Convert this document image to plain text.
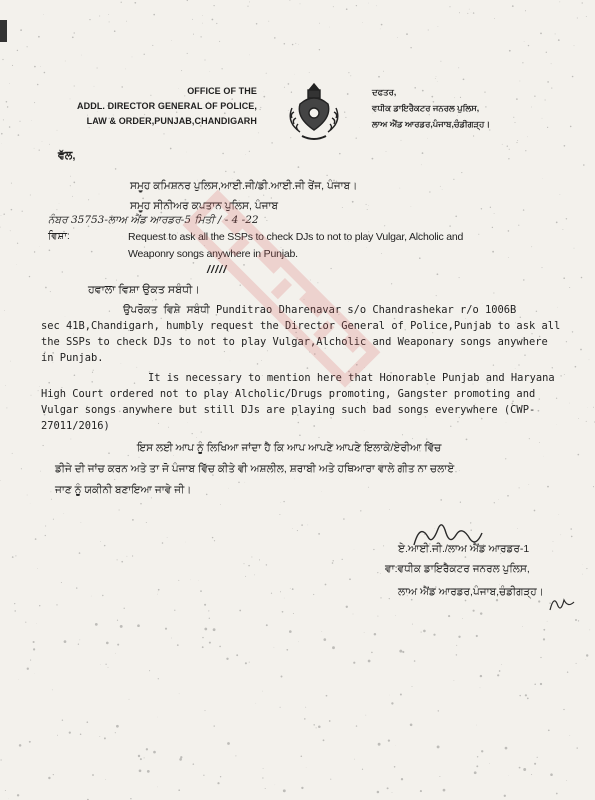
OFFICE OF THE
ADDL. DIRECTOR GENERAL OF POLICE,
LAW & ORDER,PUNJAB,CHANDIGARH
ਦਫਤਰ,
ਵਧੀਕ ਡਾਇਰੈਕਟਰ ਜਨਰਲ ਪੁਲਿਸ,
ਲਾਅ ਐਂਡ ਆਰਡਰ,ਪੰਜਾਬ,ਚੰਡੀਗੜ੍ਹ।
ਵੱਲ,
ਸਮੂਹ ਕਮਿਸ਼ਨਰ ਪੁਲਿਸ,ਆਈ.ਜੀ/ਡੀ.ਆਈ.ਜੀ ਰੇਂਜ, ਪੰਜਾਬ।
ਸਮੂਹ ਸੀਨੀਅਰ ਕਪਤਾਨ ਪੁਲਿਸ, ਪੰਜਾਬ
ਨੰਬਰ 35753-ਲਾਅ ਐਂਡ ਆਰਡਰ-5 ਮਿਤੀ / - 4 -22
ਵਿਸ਼ਾ:	Request to ask all the SSPs to check DJs to not to play Vulgar, Alcholic and
Weaponry songs anywhere in Punjab.
/////
ਹਵਾਲਾ ਵਿਸ਼ਾ ਉਕਤ ਸਬੰਧੀ।
ਉਪਰੋਕਤ ਵਿਸ਼ੇ ਸਬੰਧੀ Punditrao Dharenavar s/o Chandrashekar r/o 1006B
sec 41B,Chandigarh, humbly request the Director General of Police,Punjab to ask all
the SSPs to check DJs to not to play Vulgar,Alcholic and Weaponary songs anywhere
in Punjab.
It is necessary to mention here that Honorable Punjab and Haryana
High Court ordered not to play Alcholic/Drugs promoting, Gangster promoting and
Vulgar songs anywhere but still DJs are playing such bad songs everywhere (CWP-
27011/2016)
ਇਸ ਲਈ ਆਪ ਨੂੰ ਲਿਖਿਆ ਜਾਂਦਾ ਹੈ ਕਿ ਆਪ ਆਪਣੇ ਆਪਣੇ ਇਲਾਕੇ/ਏਰੀਆ ਵਿੱਚ
ਡੀਜੇ ਦੀ ਜਾਂਚ ਕਰਨ ਅਤੇ ਤਾ ਜੋ ਪੰਜਾਬ ਵਿੱਚ ਕੀਤੇ ਵੀ ਅਸ਼ਲੀਲ, ਸ਼ਰਾਬੀ ਅਤੇ ਹਥਿਆਰਾ ਵਾਲੇ ਗੀਤ ਨਾ ਚਲਾਏ
ਜਾਣ ਨੂੰ ਯਕੀਨੀ ਬਣਾਇਆ ਜਾਵੇ ਜੀ।
ਏ.ਆਈ.ਜੀ./ਲਾਅ ਐਂਡ ਆਰਡਰ-1
ਵਾ:ਵਧੀਕ ਡਾਇਰੈਕਟਰ ਜਨਰਲ ਪੁਲਿਸ,
ਲਾਅ ਐਂਡ ਆਰਡਰ,ਪੰਜਾਬ,ਚੰਡੀਗੜ੍ਹ।
